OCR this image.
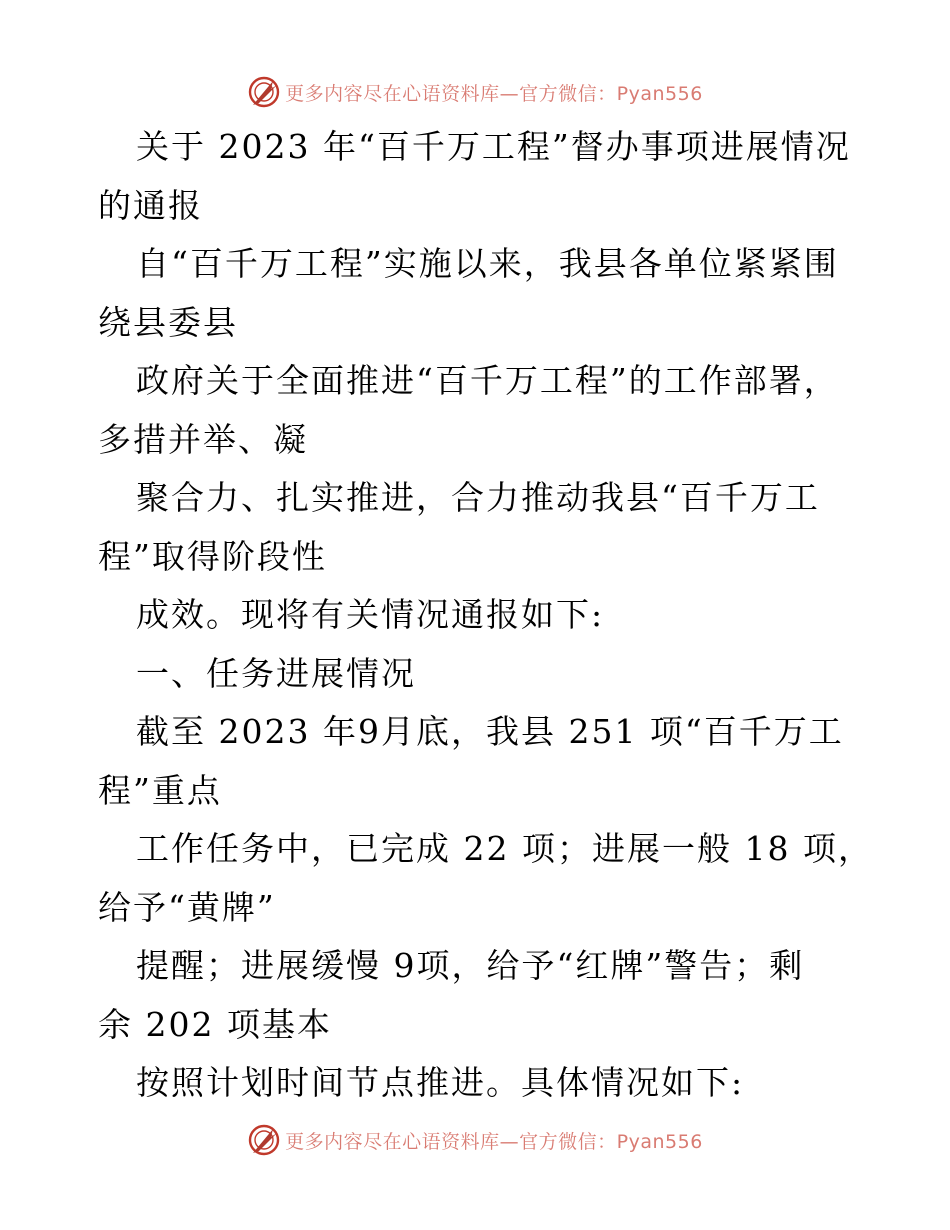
更多内容尽在心语资料库—官方微信：Pyan556
关于 2023 年“百千万工程”督办事项进展情况
的通报
自“百千万工程”实施以来，我县各单位紧紧围
绕县委县
政府关于全面推进“百千万工程”的工作部署，
多措并举、凝
聚合力、扎实推进，合力推动我县“百千万工
程”取得阶段性
成效。现将有关情况通报如下:
一、任务进展情况
截至 2023 年9月底，我县 251 项“百千万工
程”重点
工作任务中，已完成 22 项；进展一般 18 项，
给予“黄牌”
提醒；进展缓慢 9项，给予“红牌”警告；剩
余 202 项基本
按照计划时间节点推进。具体情况如下:
更多内容尽在心语资料库—官方微信：Pyan556
